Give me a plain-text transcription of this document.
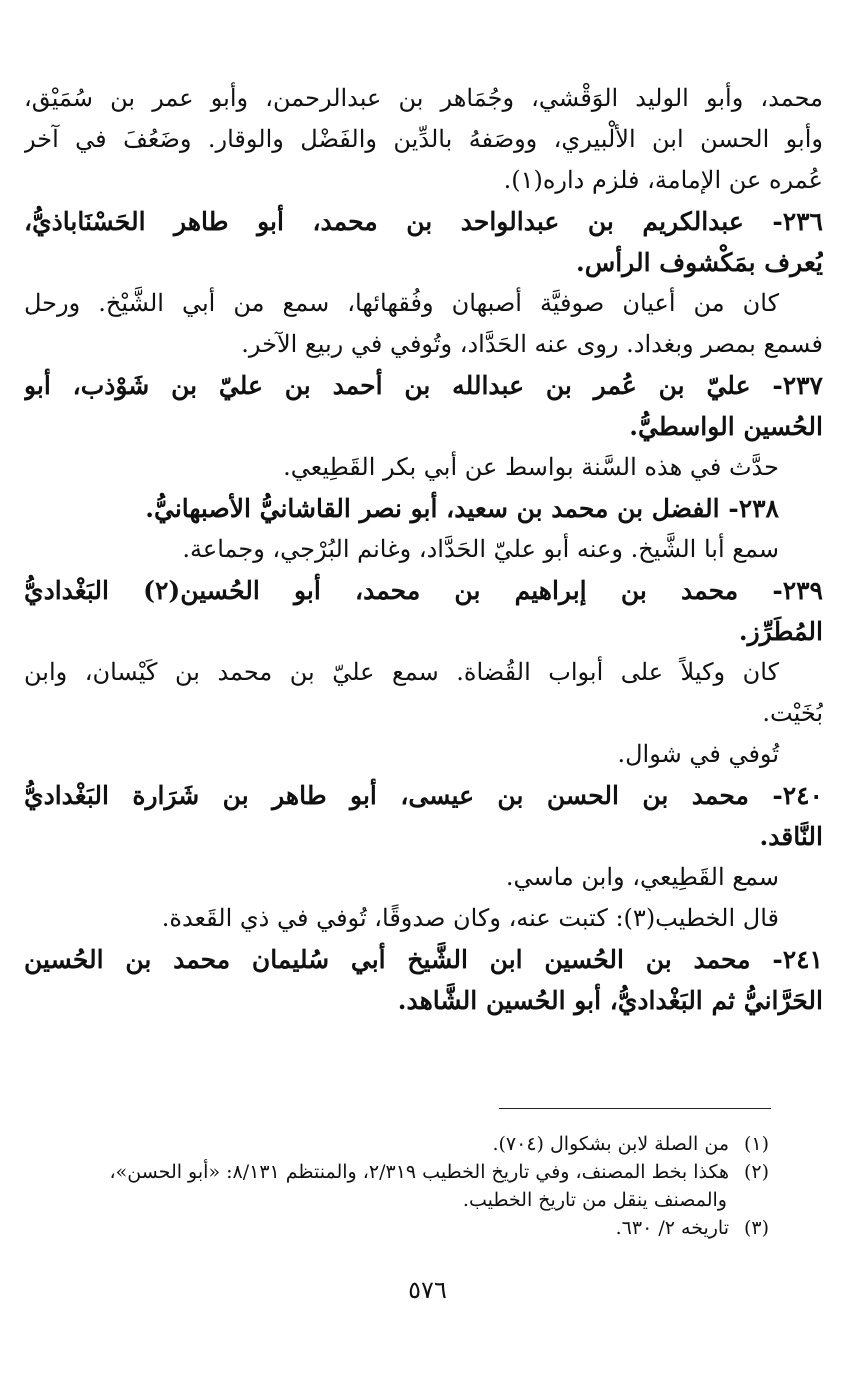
محمد، وأبو الوليد الوَقْشي، وجُمَاهر بن عبدالرحمن، وأبو عمر بن سُمَيْق،
وأبو الحسن ابن الألْبيري، ووصَفهُ بالدِّين والفَضْل والوقار. وضَعُفَ في آخر
عُمره عن الإمامة، فلزم داره(١).
٢٣٦- عبدالكريم بن عبدالواحد بن محمد، أبو طاهر الحَسْنَاباذيُّ،
يُعرف بمَكْشوف الرأس.
كان من أعيان صوفيَّة أصبهان وفُقهائها، سمع من أبي الشَّيْخ. ورحل
فسمع بمصر وبغداد. روى عنه الحَدَّاد، وتُوفي في ربيع الآخر.
٢٣٧- عليّ بن عُمر بن عبدالله بن أحمد بن عليّ بن شَوْذب، أبو
الحُسين الواسطيُّ.
حدَّث في هذه السَّنة بواسط عن أبي بكر القَطِيعي.
٢٣٨- الفضل بن محمد بن سعيد، أبو نصر القاشانيُّ الأصبهانيُّ.
سمع أبا الشَّيخ. وعنه أبو عليّ الحَدَّاد، وغانم البُرْجي، وجماعة.
٢٣٩- محمد بن إبراهيم بن محمد، أبو الحُسين(٢) البَغْداديُّ
المُطَرِّز.
كان وكيلاً على أبواب القُضاة. سمع عليّ بن محمد بن كَيْسان، وابن
بُخَيْت.
تُوفي في شوال.
٢٤٠- محمد بن الحسن بن عيسى، أبو طاهر بن شَرَارة البَغْداديُّ
النَّاقد.
سمع القَطِيعي، وابن ماسي.
قال الخطيب(٣): كتبت عنه، وكان صدوقًا، تُوفي في ذي القَعدة.
٢٤١- محمد بن الحُسين ابن الشَّيخ أبي سُليمان محمد بن الحُسين
الحَرَّانيُّ ثم البَغْداديُّ، أبو الحُسين الشَّاهد.
(١)من الصلة لابن بشكوال (٧٠٤).
(٢)هكذا بخط المصنف، وفي تاريخ الخطيب ٢/٣١٩، والمنتظم ٨/١٣١: «أبو الحسن»،
والمصنف ينقل من تاريخ الخطيب.
(٣)تاريخه ٢/ ٦٣٠.
٥٧٦
